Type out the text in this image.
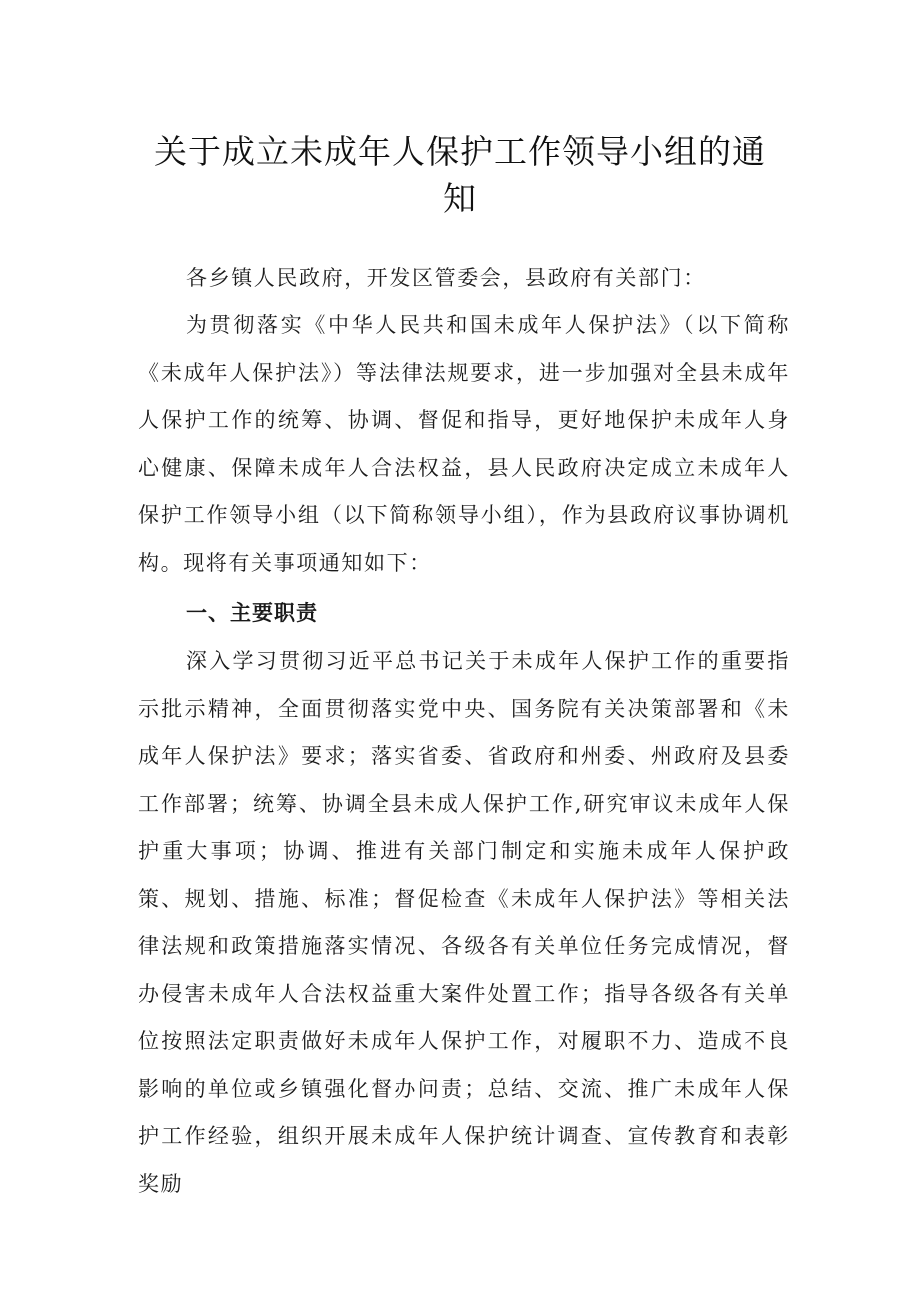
关于成立未成年人保护工作领导小组的通知

各乡镇人民政府，开发区管委会，县政府有关部门：

为贯彻落实《中华人民共和国未成年人保护法》（以下简称《未成年人保护法》）等法律法规要求，进一步加强对全县未成年人保护工作的统筹、协调、督促和指导，更好地保护未成年人身心健康、保障未成年人合法权益，县人民政府决定成立未成年人保护工作领导小组（以下简称领导小组），作为县政府议事协调机构。现将有关事项通知如下：

一、主要职责

深入学习贯彻习近平总书记关于未成年人保护工作的重要指示批示精神，全面贯彻落实党中央、国务院有关决策部署和《未成年人保护法》要求；落实省委、省政府和州委、州政府及县委工作部署；统筹、协调全县未成人保护工作,研究审议未成年人保护重大事项；协调、推进有关部门制定和实施未成年人保护政策、规划、措施、标准；督促检查《未成年人保护法》等相关法律法规和政策措施落实情况、各级各有关单位任务完成情况，督办侵害未成年人合法权益重大案件处置工作；指导各级各有关单位按照法定职责做好未成年人保护工作，对履职不力、造成不良影响的单位或乡镇强化督办问责；总结、交流、推广未成年人保护工作经验，组织开展未成年人保护统计调查、宣传教育和表彰奖励
